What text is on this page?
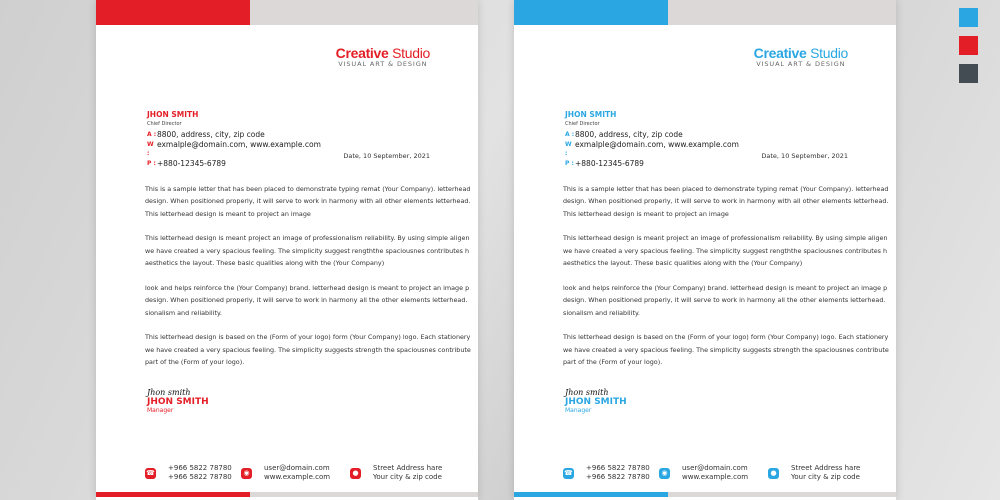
Creative Studio
VISUAL ART & DESIGN
JHON SMITH
Chief Director
A : 8800, address, city, zip code
W :
exmalple@domain.com, www.example.com
P : +880-12345-6789
Date, 10 September, 2021

This is a sample letter that has been placed to demonstrate typing remat (Your Company). letterhead
design. When positioned properly, it will serve to work in harmony with all other elements letterhead.
This letterhead design is meant to project an image

This letterhead design is meant project an image of professionalism reliability. By using simple aligen
we have created a very spacious feeling. The simplicity suggest rengththe spaciousnes contributes h
aesthetics the layout. These basic qualities along with the (Your Company)

look and helps reinforce the (Your Company) brand. letterhead design is meant to project an image p
design. When positioned properly, it will serve to work in harmony all the other elements letterhead.
sionalism and reliability.

This letterhead design is based on the (Form of your logo) form (Your Company) logo. Each stationery
we have created a very spacious feeling. The simplicity suggests strength the spaciousnes contribute
part of the (Form of your logo).

Jhon smith
JHON SMITH
Manager
☎
+966 5822 78780
+966 5822 78780
◉
user@domain.com
www.example.com
●
Street Address hare
Your city & zip code
Creative Studio
VISUAL ART & DESIGN
JHON SMITH
Chief Director
A : 8800, address, city, zip code
W :
exmalple@domain.com, www.example.com
P : +880-12345-6789
Date, 10 September, 2021

This is a sample letter that has been placed to demonstrate typing remat (Your Company). letterhead
design. When positioned properly, it will serve to work in harmony with all other elements letterhead.
This letterhead design is meant to project an image

This letterhead design is meant project an image of professionalism reliability. By using simple aligen
we have created a very spacious feeling. The simplicity suggest rengththe spaciousnes contributes h
aesthetics the layout. These basic qualities along with the (Your Company)

look and helps reinforce the (Your Company) brand. letterhead design is meant to project an image p
design. When positioned properly, it will serve to work in harmony all the other elements letterhead.
sionalism and reliability.

This letterhead design is based on the (Form of your logo) form (Your Company) logo. Each stationery
we have created a very spacious feeling. The simplicity suggests strength the spaciousnes contribute
part of the (Form of your logo).

Jhon smith
JHON SMITH
Manager
☎
+966 5822 78780
+966 5822 78780
◉
user@domain.com
www.example.com
●
Street Address hare
Your city & zip code
